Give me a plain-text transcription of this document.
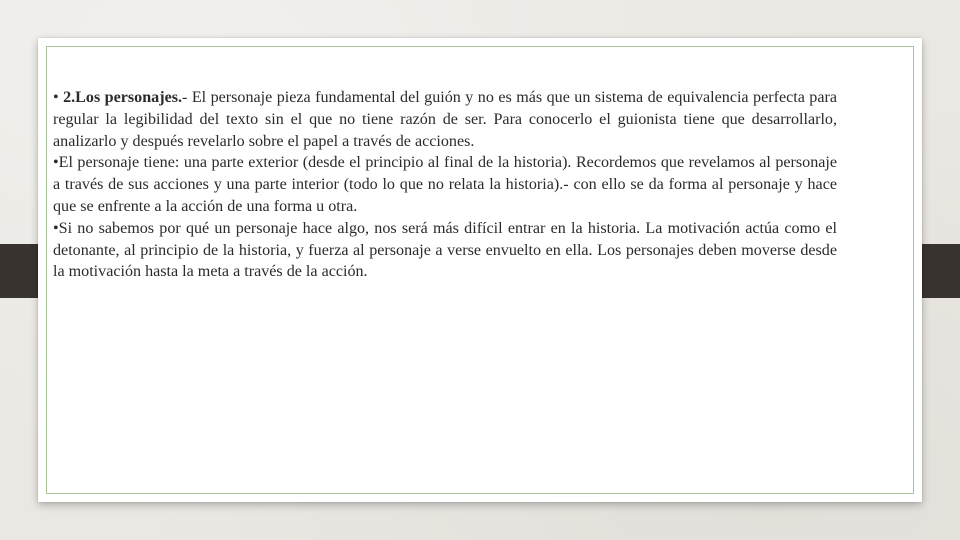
• 2.Los personajes.- El personaje pieza fundamental del guión y no es más que un sistema de equivalencia perfecta para regular la legibilidad del texto sin el que no tiene razón de ser. Para conocerlo el guionista tiene que desarrollarlo, analizarlo y después revelarlo sobre el papel a través de acciones.

•El personaje tiene: una parte exterior (desde el principio al final de la historia). Recordemos que revelamos al personaje a través de sus acciones y una parte interior (todo lo que no relata la historia).- con ello se da forma al personaje y hace que se enfrente a la acción de una forma u otra.

•Si no sabemos por qué un personaje hace algo, nos será más difícil entrar en la historia. La motivación actúa como el detonante, al principio de la historia, y fuerza al personaje a verse envuelto en ella. Los personajes deben moverse desde la motivación hasta la meta a través de la acción.
